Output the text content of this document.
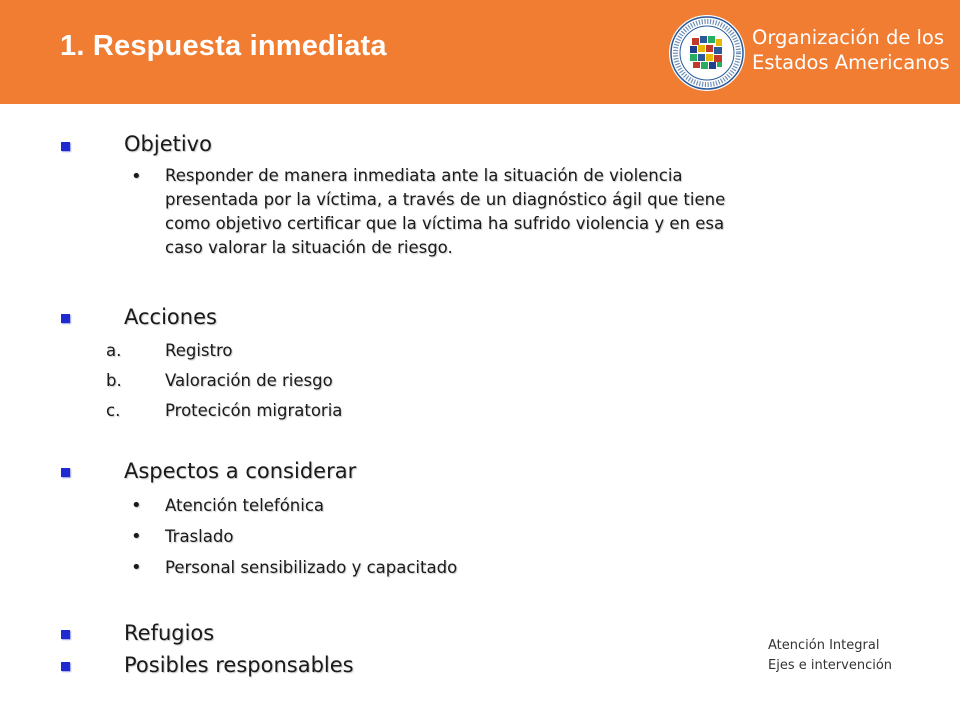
1. Respuesta inmediata	Organización de los
Estados Americanos
Objetivo
• Responder de manera inmediata ante la situación de violencia
presentada por la víctima, a través de un diagnóstico ágil que tiene
como objetivo certificar que la víctima ha sufrido violencia y en esa
caso valorar la situación de riesgo.
Acciones
a.	Registro
b.	Valoración de riesgo
c.	Protecicón migratoria
Aspectos a considerar
• Atención telefónica
• Traslado
• Personal sensibilizado y capacitado
Refugios
Posibles responsables
Atención Integral
Ejes e intervención
